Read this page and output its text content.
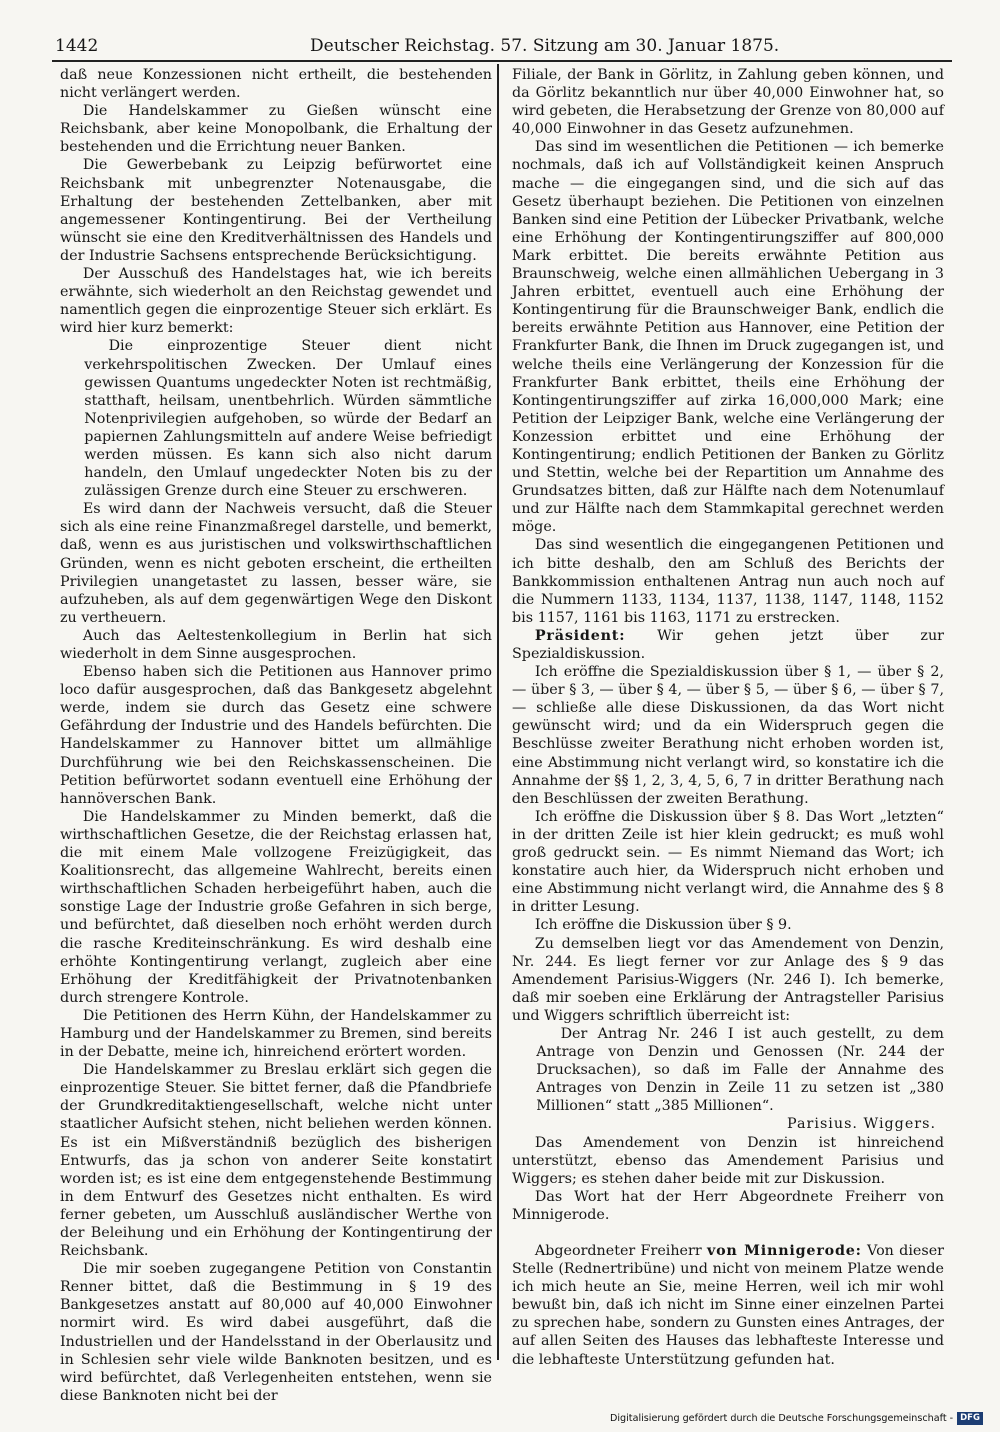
1442	Deutscher Reichstag. 57. Sitzung am 30. Januar 1875.

daß neue Konzessionen nicht ertheilt, die bestehenden nicht verlängert werden.

Die Handelskammer zu Gießen wünscht eine Reichsbank, aber keine Monopolbank, die Erhaltung der bestehenden und die Errichtung neuer Banken.

Die Gewerbebank zu Leipzig befürwortet eine Reichsbank mit unbegrenzter Notenausgabe, die Erhaltung der bestehenden Zettelbanken, aber mit angemessener Kontingentirung. Bei der Vertheilung wünscht sie eine den Kreditverhältnissen des Handels und der Industrie Sachsens entsprechende Berücksichtigung.

Der Ausschuß des Handelstages hat, wie ich bereits erwähnte, sich wiederholt an den Reichstag gewendet und namentlich gegen die einprozentige Steuer sich erklärt. Es wird hier kurz bemerkt:

Die einprozentige Steuer dient nicht verkehrspolitischen Zwecken. Der Umlauf eines gewissen Quantums ungedeckter Noten ist rechtmäßig, statthaft, heilsam, unentbehrlich. Würden sämmtliche Notenprivilegien aufgehoben, so würde der Bedarf an papiernen Zahlungsmitteln auf andere Weise befriedigt werden müssen. Es kann sich also nicht darum handeln, den Umlauf ungedeckter Noten bis zu der zulässigen Grenze durch eine Steuer zu erschweren.

Es wird dann der Nachweis versucht, daß die Steuer sich als eine reine Finanzmaßregel darstelle, und bemerkt, daß, wenn es aus juristischen und volkswirthschaftlichen Gründen, wenn es nicht geboten erscheint, die ertheilten Privilegien unangetastet zu lassen, besser wäre, sie aufzuheben, als auf dem gegenwärtigen Wege den Diskont zu vertheuern.

Auch das Aeltestenkollegium in Berlin hat sich wiederholt in dem Sinne ausgesprochen.

Ebenso haben sich die Petitionen aus Hannover primo loco dafür ausgesprochen, daß das Bankgesetz abgelehnt werde, indem sie durch das Gesetz eine schwere Gefährdung der Industrie und des Handels befürchten. Die Handelskammer zu Hannover bittet um allmählige Durchführung wie bei den Reichskassenscheinen. Die Petition befürwortet sodann eventuell eine Erhöhung der hannöverschen Bank.

Die Handelskammer zu Minden bemerkt, daß die wirthschaftlichen Gesetze, die der Reichstag erlassen hat, die mit einem Male vollzogene Freizügigkeit, das Koalitionsrecht, das allgemeine Wahlrecht, bereits einen wirthschaftlichen Schaden herbeigeführt haben, auch die sonstige Lage der Industrie große Gefahren in sich berge, und befürchtet, daß dieselben noch erhöht werden durch die rasche Krediteinschränkung. Es wird deshalb eine erhöhte Kontingentirung verlangt, zugleich aber eine Erhöhung der Kreditfähigkeit der Privatnotenbanken durch strengere Kontrole.

Die Petitionen des Herrn Kühn, der Handelskammer zu Hamburg und der Handelskammer zu Bremen, sind bereits in der Debatte, meine ich, hinreichend erörtert worden.

Die Handelskammer zu Breslau erklärt sich gegen die einprozentige Steuer. Sie bittet ferner, daß die Pfandbriefe der Grundkreditaktiengesellschaft, welche nicht unter staatlicher Aufsicht stehen, nicht beliehen werden können. Es ist ein Mißverständniß bezüglich des bisherigen Entwurfs, das ja schon von anderer Seite konstatirt worden ist; es ist eine dem entgegenstehende Bestimmung in dem Entwurf des Gesetzes nicht enthalten. Es wird ferner gebeten, um Ausschluß ausländischer Werthe von der Beleihung und ein Erhöhung der Kontingentirung der Reichsbank.

Die mir soeben zugegangene Petition von Constantin Renner bittet, daß die Bestimmung in § 19 des Bankgesetzes anstatt auf 80,000 auf 40,000 Einwohner normirt wird. Es wird dabei ausgeführt, daß die Industriellen und der Handelsstand in der Oberlausitz und in Schlesien sehr viele wilde Banknoten besitzen, und es wird befürchtet, daß Verlegenheiten entstehen, wenn sie diese Banknoten nicht bei der

Filiale, der Bank in Görlitz, in Zahlung geben können, und da Görlitz bekanntlich nur über 40,000 Einwohner hat, so wird gebeten, die Herabsetzung der Grenze von 80,000 auf 40,000 Einwohner in das Gesetz aufzunehmen.

Das sind im wesentlichen die Petitionen — ich bemerke nochmals, daß ich auf Vollständigkeit keinen Anspruch mache — die eingegangen sind, und die sich auf das Gesetz überhaupt beziehen. Die Petitionen von einzelnen Banken sind eine Petition der Lübecker Privatbank, welche eine Erhöhung der Kontingentirungsziffer auf 800,000 Mark erbittet. Die bereits erwähnte Petition aus Braunschweig, welche einen allmählichen Uebergang in 3 Jahren erbittet, eventuell auch eine Erhöhung der Kontingentirung für die Braunschweiger Bank, endlich die bereits erwähnte Petition aus Hannover, eine Petition der Frankfurter Bank, die Ihnen im Druck zugegangen ist, und welche theils eine Verlängerung der Konzession für die Frankfurter Bank erbittet, theils eine Erhöhung der Kontingentirungsziffer auf zirka 16,000,000 Mark; eine Petition der Leipziger Bank, welche eine Verlängerung der Konzession erbittet und eine Erhöhung der Kontingentirung; endlich Petitionen der Banken zu Görlitz und Stettin, welche bei der Repartition um Annahme des Grundsatzes bitten, daß zur Hälfte nach dem Notenumlauf und zur Hälfte nach dem Stammkapital gerechnet werden möge.

Das sind wesentlich die eingegangenen Petitionen und ich bitte deshalb, den am Schluß des Berichts der Bankkommission enthaltenen Antrag nun auch noch auf die Nummern 1133, 1134, 1137, 1138, 1147, 1148, 1152 bis 1157, 1161 bis 1163, 1171 zu erstrecken.

Präsident: Wir gehen jetzt über zur Spezialdiskussion.

Ich eröffne die Spezialdiskussion über § 1, — über § 2, — über § 3, — über § 4, — über § 5, — über § 6, — über § 7, — schließe alle diese Diskussionen, da das Wort nicht gewünscht wird; und da ein Widerspruch gegen die Beschlüsse zweiter Berathung nicht erhoben worden ist, eine Abstimmung nicht verlangt wird, so konstatire ich die Annahme der §§ 1, 2, 3, 4, 5, 6, 7 in dritter Berathung nach den Beschlüssen der zweiten Berathung.

Ich eröffne die Diskussion über § 8. Das Wort „letzten“ in der dritten Zeile ist hier klein gedruckt; es muß wohl groß gedruckt sein. — Es nimmt Niemand das Wort; ich konstatire auch hier, da Widerspruch nicht erhoben und eine Abstimmung nicht verlangt wird, die Annahme des § 8 in dritter Lesung.

Ich eröffne die Diskussion über § 9.

Zu demselben liegt vor das Amendement von Denzin, Nr. 244. Es liegt ferner vor zur Anlage des § 9 das Amendement Parisius-Wiggers (Nr. 246 I). Ich bemerke, daß mir soeben eine Erklärung der Antragsteller Parisius und Wiggers schriftlich überreicht ist:

Der Antrag Nr. 246 I ist auch gestellt, zu dem Antrage von Denzin und Genossen (Nr. 244 der Drucksachen), so daß im Falle der Annahme des Antrages von Denzin in Zeile 11 zu setzen ist „380 Millionen“ statt „385 Millionen“.

Parisius. Wiggers.

Das Amendement von Denzin ist hinreichend unterstützt, ebenso das Amendement Parisius und Wiggers; es stehen daher beide mit zur Diskussion.

Das Wort hat der Herr Abgeordnete Freiherr von Minnigerode.

Abgeordneter Freiherr von Minnigerode: Von dieser Stelle (Rednertribüne) und nicht von meinem Platze wende ich mich heute an Sie, meine Herren, weil ich mir wohl bewußt bin, daß ich nicht im Sinne einer einzelnen Partei zu sprechen habe, sondern zu Gunsten eines Antrages, der auf allen Seiten des Hauses das lebhafteste Interesse und die lebhafteste Unterstützung gefunden hat.

Digitalisierung gefördert durch die Deutsche Forschungsgemeinschaft - DFG
